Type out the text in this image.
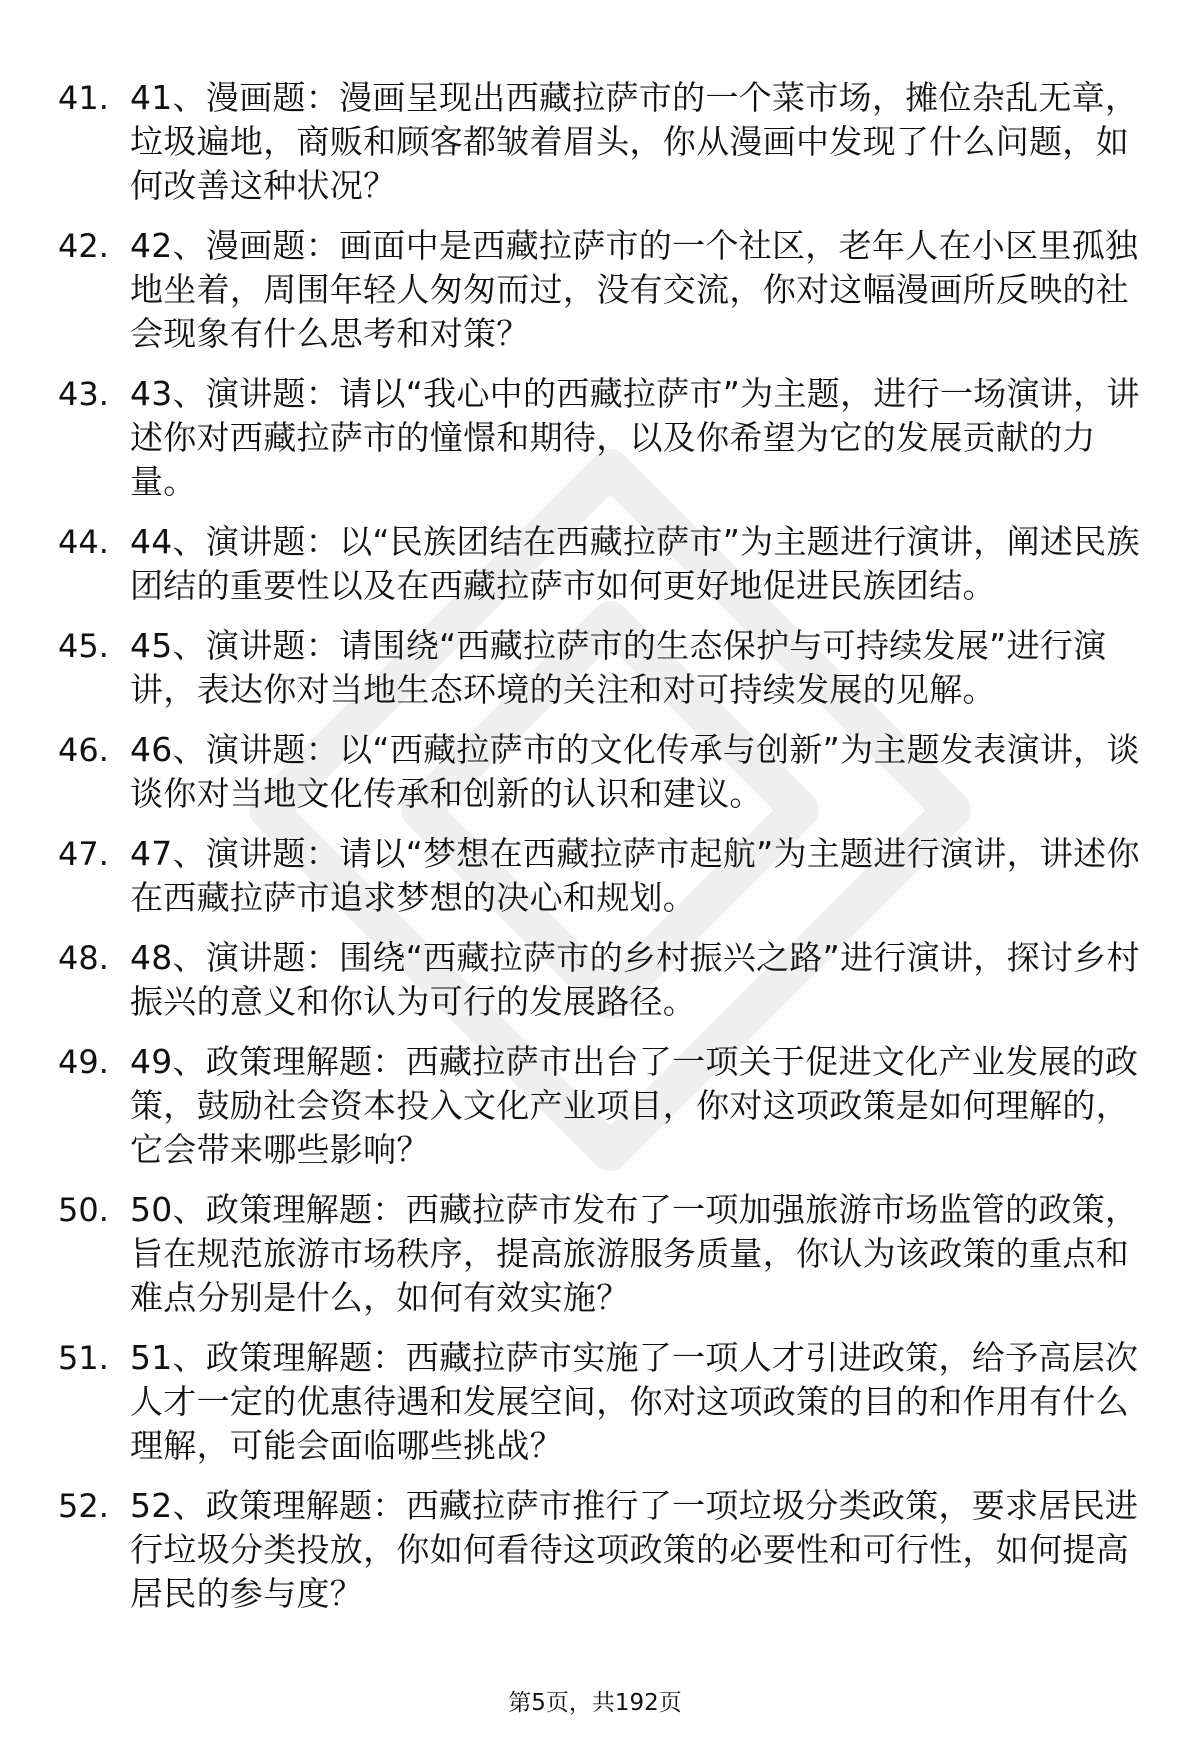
41. 41、漫画题：漫画呈现出西藏拉萨市的一个菜市场，摊位杂乱无章，垃圾遍地，商贩和顾客都皱着眉头，你从漫画中发现了什么问题，如何改善这种状况？
42. 42、漫画题：画面中是西藏拉萨市的一个社区，老年人在小区里孤独地坐着，周围年轻人匆匆而过，没有交流，你对这幅漫画所反映的社会现象有什么思考和对策？
43. 43、演讲题：请以“我心中的西藏拉萨市”为主题，进行一场演讲，讲述你对西藏拉萨市的憧憬和期待，以及你希望为它的发展贡献的力量。
44. 44、演讲题：以“民族团结在西藏拉萨市”为主题进行演讲，阐述民族团结的重要性以及在西藏拉萨市如何更好地促进民族团结。
45. 45、演讲题：请围绕“西藏拉萨市的生态保护与可持续发展”进行演讲，表达你对当地生态环境的关注和对可持续发展的见解。
46. 46、演讲题：以“西藏拉萨市的文化传承与创新”为主题发表演讲，谈谈你对当地文化传承和创新的认识和建议。
47. 47、演讲题：请以“梦想在西藏拉萨市起航”为主题进行演讲，讲述你在西藏拉萨市追求梦想的决心和规划。
48. 48、演讲题：围绕“西藏拉萨市的乡村振兴之路”进行演讲，探讨乡村振兴的意义和你认为可行的发展路径。
49. 49、政策理解题：西藏拉萨市出台了一项关于促进文化产业发展的政策，鼓励社会资本投入文化产业项目，你对这项政策是如何理解的，它会带来哪些影响？
50. 50、政策理解题：西藏拉萨市发布了一项加强旅游市场监管的政策，旨在规范旅游市场秩序，提高旅游服务质量，你认为该政策的重点和难点分别是什么，如何有效实施？
51. 51、政策理解题：西藏拉萨市实施了一项人才引进政策，给予高层次人才一定的优惠待遇和发展空间，你对这项政策的目的和作用有什么理解，可能会面临哪些挑战？
52. 52、政策理解题：西藏拉萨市推行了一项垃圾分类政策，要求居民进行垃圾分类投放，你如何看待这项政策的必要性和可行性，如何提高居民的参与度？
第5页，共192页
